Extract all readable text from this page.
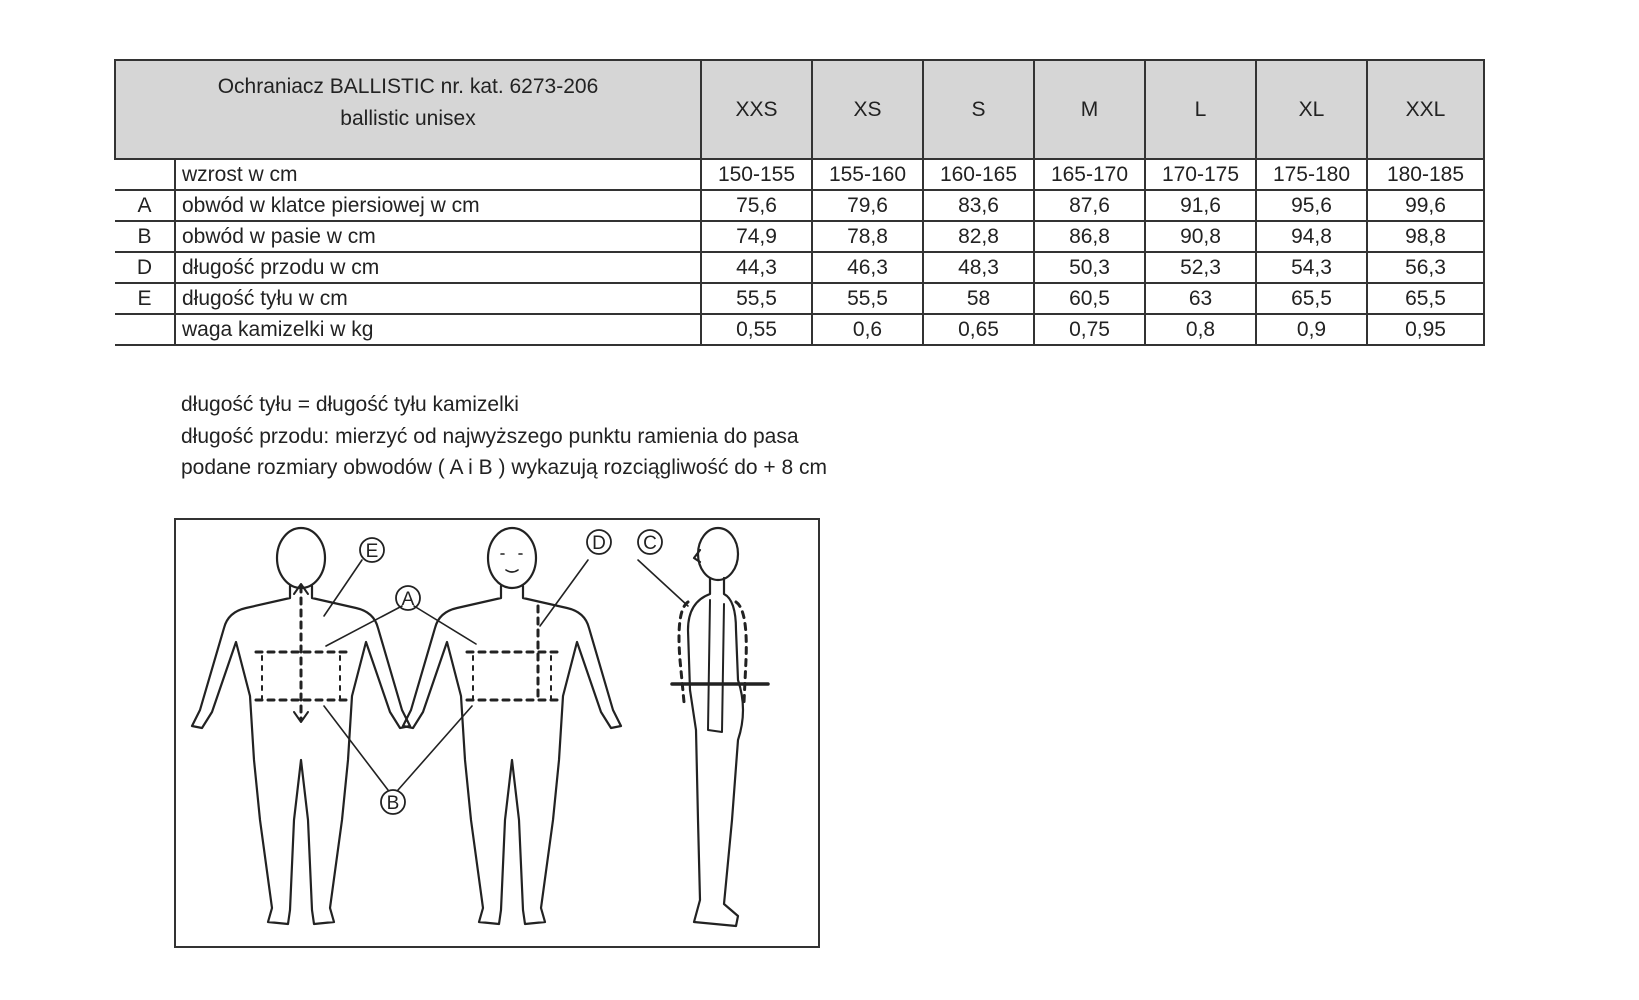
Ochraniacz BALLISTIC nr. kat. 6273-206
ballistic unisex		XXS	XS	S	M	L	XL	XXL
	wzrost w cm	150-155	155-160	160-165	165-170	170-175	175-180	180-185
A	obwód w klatce piersiowej w cm	75,6	79,6	83,6	87,6	91,6	95,6	99,6
B	obwód w pasie w cm	74,9	78,8	82,8	86,8	90,8	94,8	98,8
D	długość przodu w cm	44,3	46,3	48,3	50,3	52,3	54,3	56,3
E	długość tyłu w cm	55,5	55,5	58	60,5	63	65,5	65,5
	waga kamizelki w kg	0,55	0,6	0,65	0,75	0,8	0,9	0,95
długość tyłu = długość tyłu kamizelki
długość przodu: mierzyć od najwyższego punktu ramienia do pasa
podane rozmiary obwodów ( A i B ) wykazują rozciągliwość do + 8 cm
E
A
B
D C
